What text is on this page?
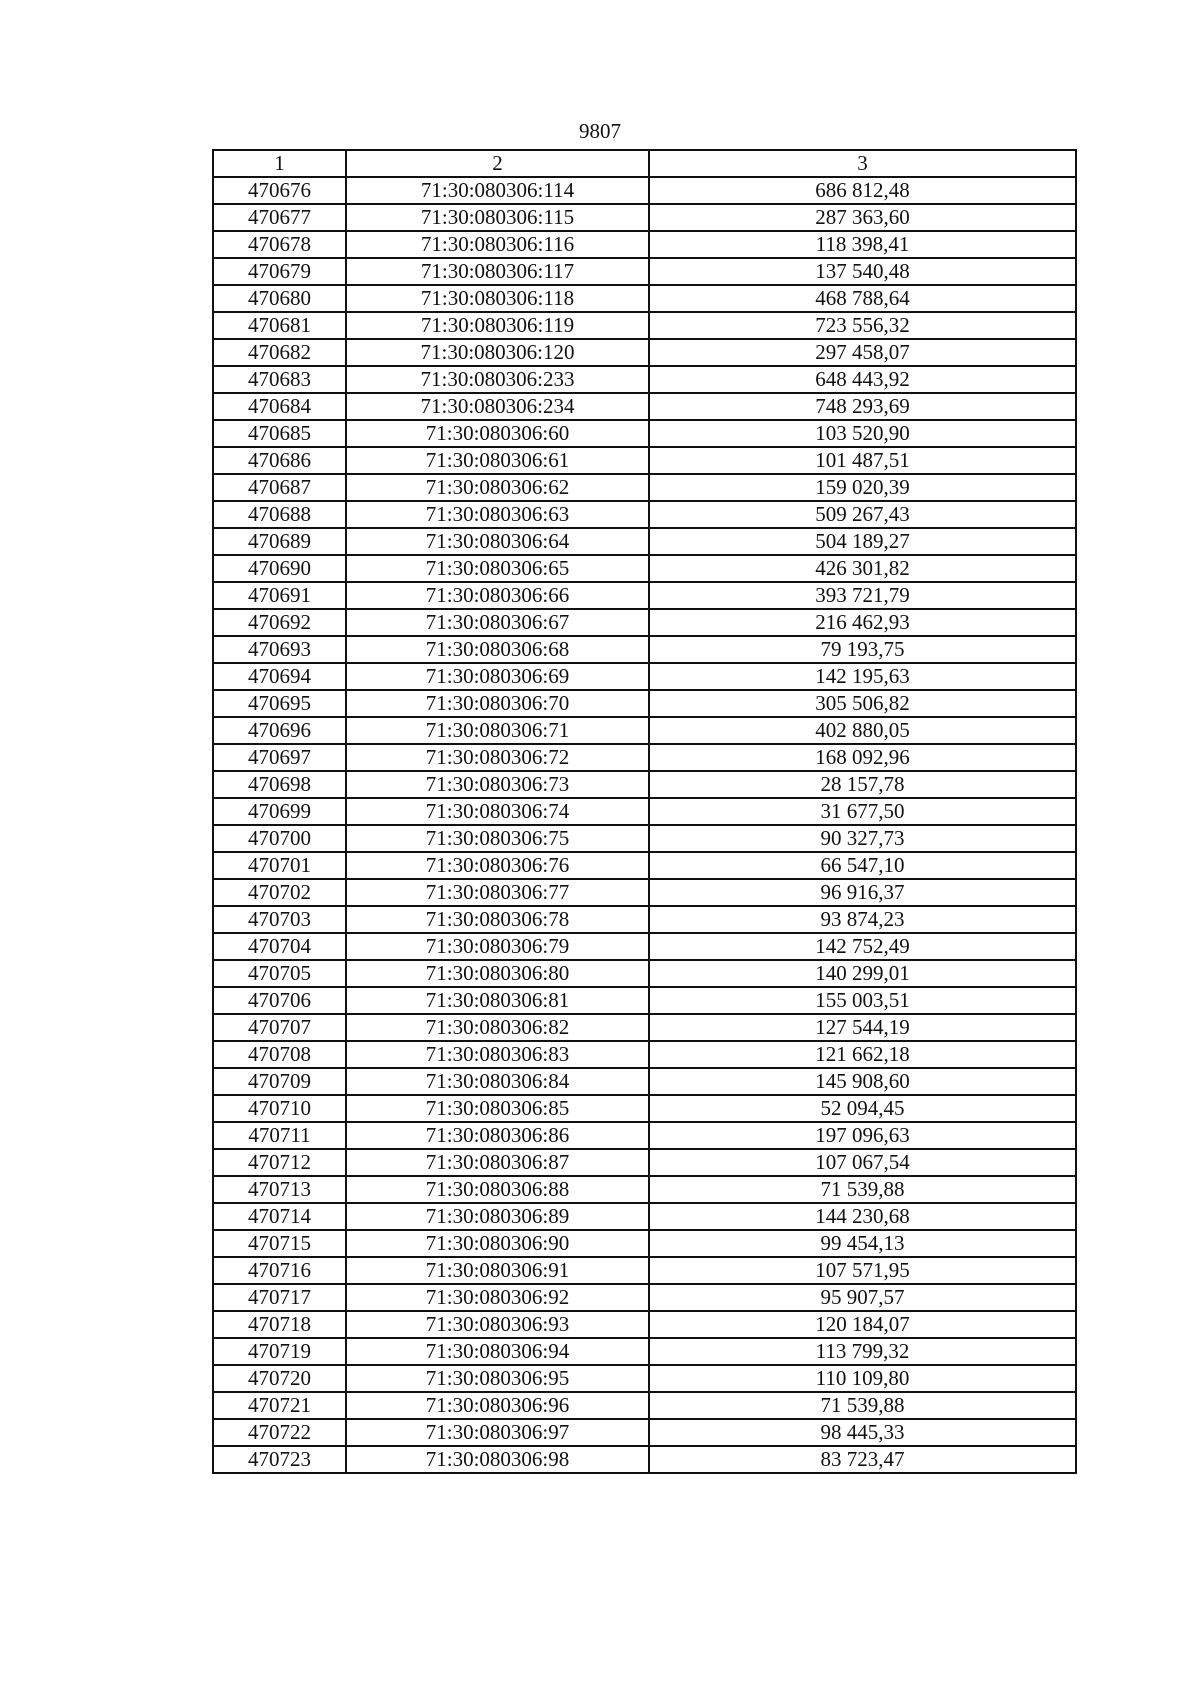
9807
1	2	3
470676	71:30:080306:114	686 812,48
470677	71:30:080306:115	287 363,60
470678	71:30:080306:116	118 398,41
470679	71:30:080306:117	137 540,48
470680	71:30:080306:118	468 788,64
470681	71:30:080306:119	723 556,32
470682	71:30:080306:120	297 458,07
470683	71:30:080306:233	648 443,92
470684	71:30:080306:234	748 293,69
470685	71:30:080306:60	103 520,90
470686	71:30:080306:61	101 487,51
470687	71:30:080306:62	159 020,39
470688	71:30:080306:63	509 267,43
470689	71:30:080306:64	504 189,27
470690	71:30:080306:65	426 301,82
470691	71:30:080306:66	393 721,79
470692	71:30:080306:67	216 462,93
470693	71:30:080306:68	79 193,75
470694	71:30:080306:69	142 195,63
470695	71:30:080306:70	305 506,82
470696	71:30:080306:71	402 880,05
470697	71:30:080306:72	168 092,96
470698	71:30:080306:73	28 157,78
470699	71:30:080306:74	31 677,50
470700	71:30:080306:75	90 327,73
470701	71:30:080306:76	66 547,10
470702	71:30:080306:77	96 916,37
470703	71:30:080306:78	93 874,23
470704	71:30:080306:79	142 752,49
470705	71:30:080306:80	140 299,01
470706	71:30:080306:81	155 003,51
470707	71:30:080306:82	127 544,19
470708	71:30:080306:83	121 662,18
470709	71:30:080306:84	145 908,60
470710	71:30:080306:85	52 094,45
470711	71:30:080306:86	197 096,63
470712	71:30:080306:87	107 067,54
470713	71:30:080306:88	71 539,88
470714	71:30:080306:89	144 230,68
470715	71:30:080306:90	99 454,13
470716	71:30:080306:91	107 571,95
470717	71:30:080306:92	95 907,57
470718	71:30:080306:93	120 184,07
470719	71:30:080306:94	113 799,32
470720	71:30:080306:95	110 109,80
470721	71:30:080306:96	71 539,88
470722	71:30:080306:97	98 445,33
470723	71:30:080306:98	83 723,47
